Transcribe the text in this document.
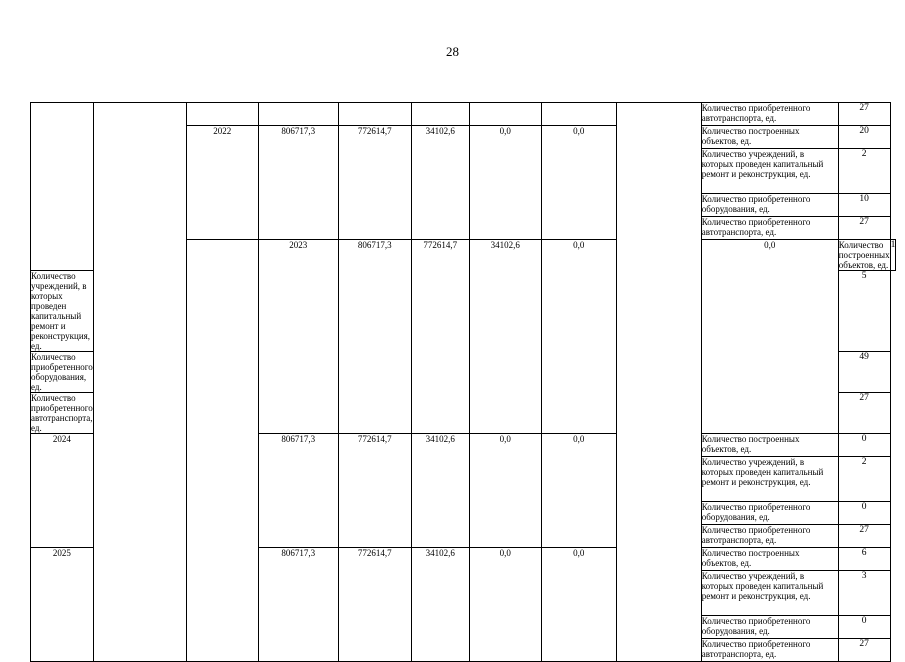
28
									Количество приобретенного автотранспорта, ед.	27	
		2022	806717,3	772614,7	34102,6	0,0	0,0		Количество построенных объектов, ед.	20	
									Количество учреждений, в которых проведен капитальный ремонт и реконструкция, ед.	2	
									Количество приобретенного оборудования, ед.	10	
									Количество приобретенного автотранспорта, ед.	27	
			2023	806717,3	772614,7	34102,6	0,0		0,0	Количество построенных объектов, ед.	1
Количество учреждений, в которых проведен капитальный ремонт и реконструкция, ед.										5	
Количество приобретенного оборудования, ед.										49	
Количество приобретенного автотранспорта, ед.										27	
2024			806717,3	772614,7	34102,6	0,0	0,0		Количество построенных объектов, ед.	0	
									Количество учреждений, в которых проведен капитальный ремонт и реконструкция, ед.	2	
									Количество приобретенного оборудования, ед.	0	
									Количество приобретенного автотранспорта, ед.	27	
2025			806717,3	772614,7	34102,6	0,0	0,0		Количество построенных объектов, ед.	6	
									Количество учреждений, в которых проведен капитальный ремонт и реконструкция, ед.	3	
									Количество приобретенного оборудования, ед.	0	
									Количество приобретенного автотранспорта, ед.	27	
